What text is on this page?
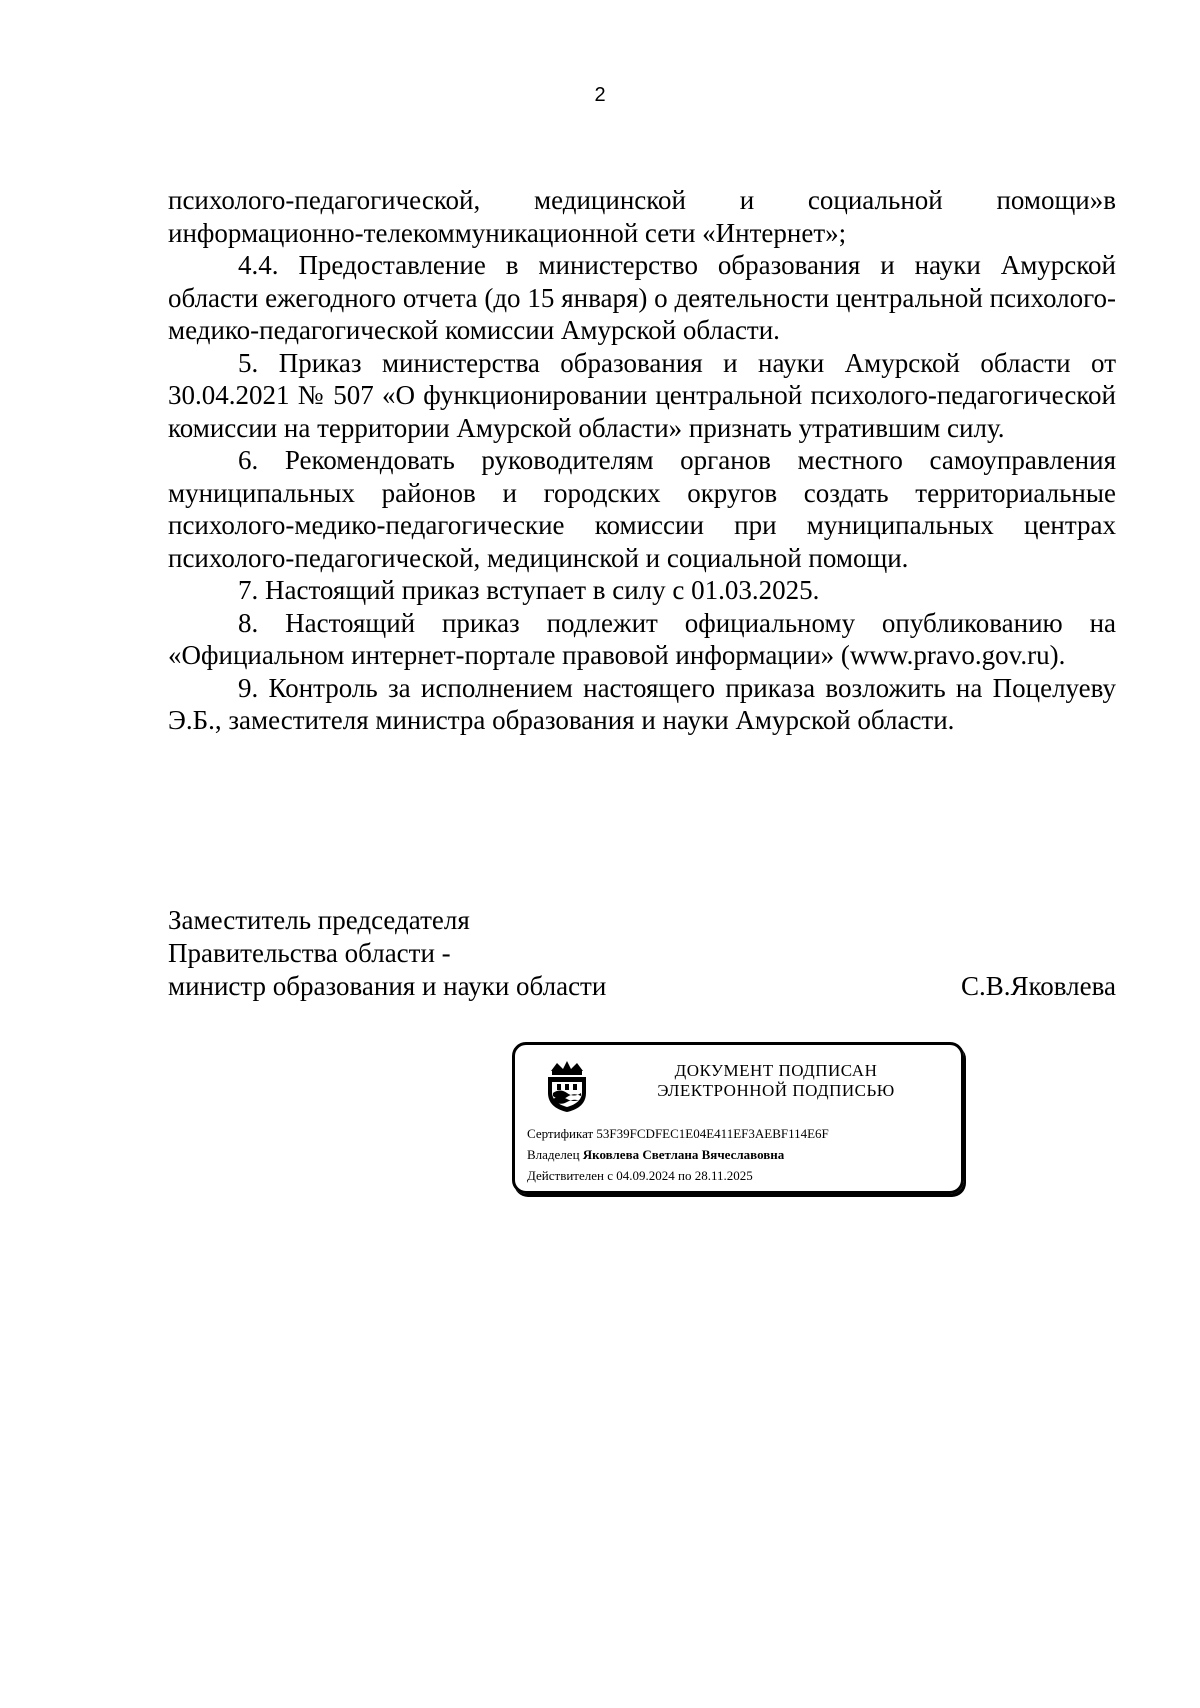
2

психолого-педагогической, медицинской и социальной помощи»в информационно-телекоммуникационной сети «Интернет»;

4.4. Предоставление в министерство образования и науки Амурской области ежегодного отчета (до 15 января) о деятельности центральной психолого-медико-педагогической комиссии Амурской области.

5. Приказ министерства образования и науки Амурской области от 30.04.2021 № 507 «О функционировании центральной психолого-педагогической комиссии на территории Амурской области» признать утратившим силу.

6. Рекомендовать руководителям органов местного самоуправления муниципальных районов и городских округов создать территориальные психолого-медико-педагогические комиссии при муниципальных центрах психолого-педагогической, медицинской и социальной помощи.

7. Настоящий приказ вступает в силу с 01.03.2025.

8. Настоящий приказ подлежит официальному опубликованию на «Официальном интернет-портале правовой информации» (www.pravo.gov.ru).

9. Контроль за исполнением настоящего приказа возложить на Поцелуеву Э.Б., заместителя министра образования и науки Амурской области.

Заместитель председателя
Правительства области -
министр образования и науки области	С.В.Яковлева
ДОКУМЕНТ ПОДПИСАН
ЭЛЕКТРОННОЙ ПОДПИСЬЮ
Сертификат 53F39FCDFEC1E04E411EF3AEBF114E6F
Владелец Яковлева Светлана Вячеславовна
Действителен с 04.09.2024 по 28.11.2025
